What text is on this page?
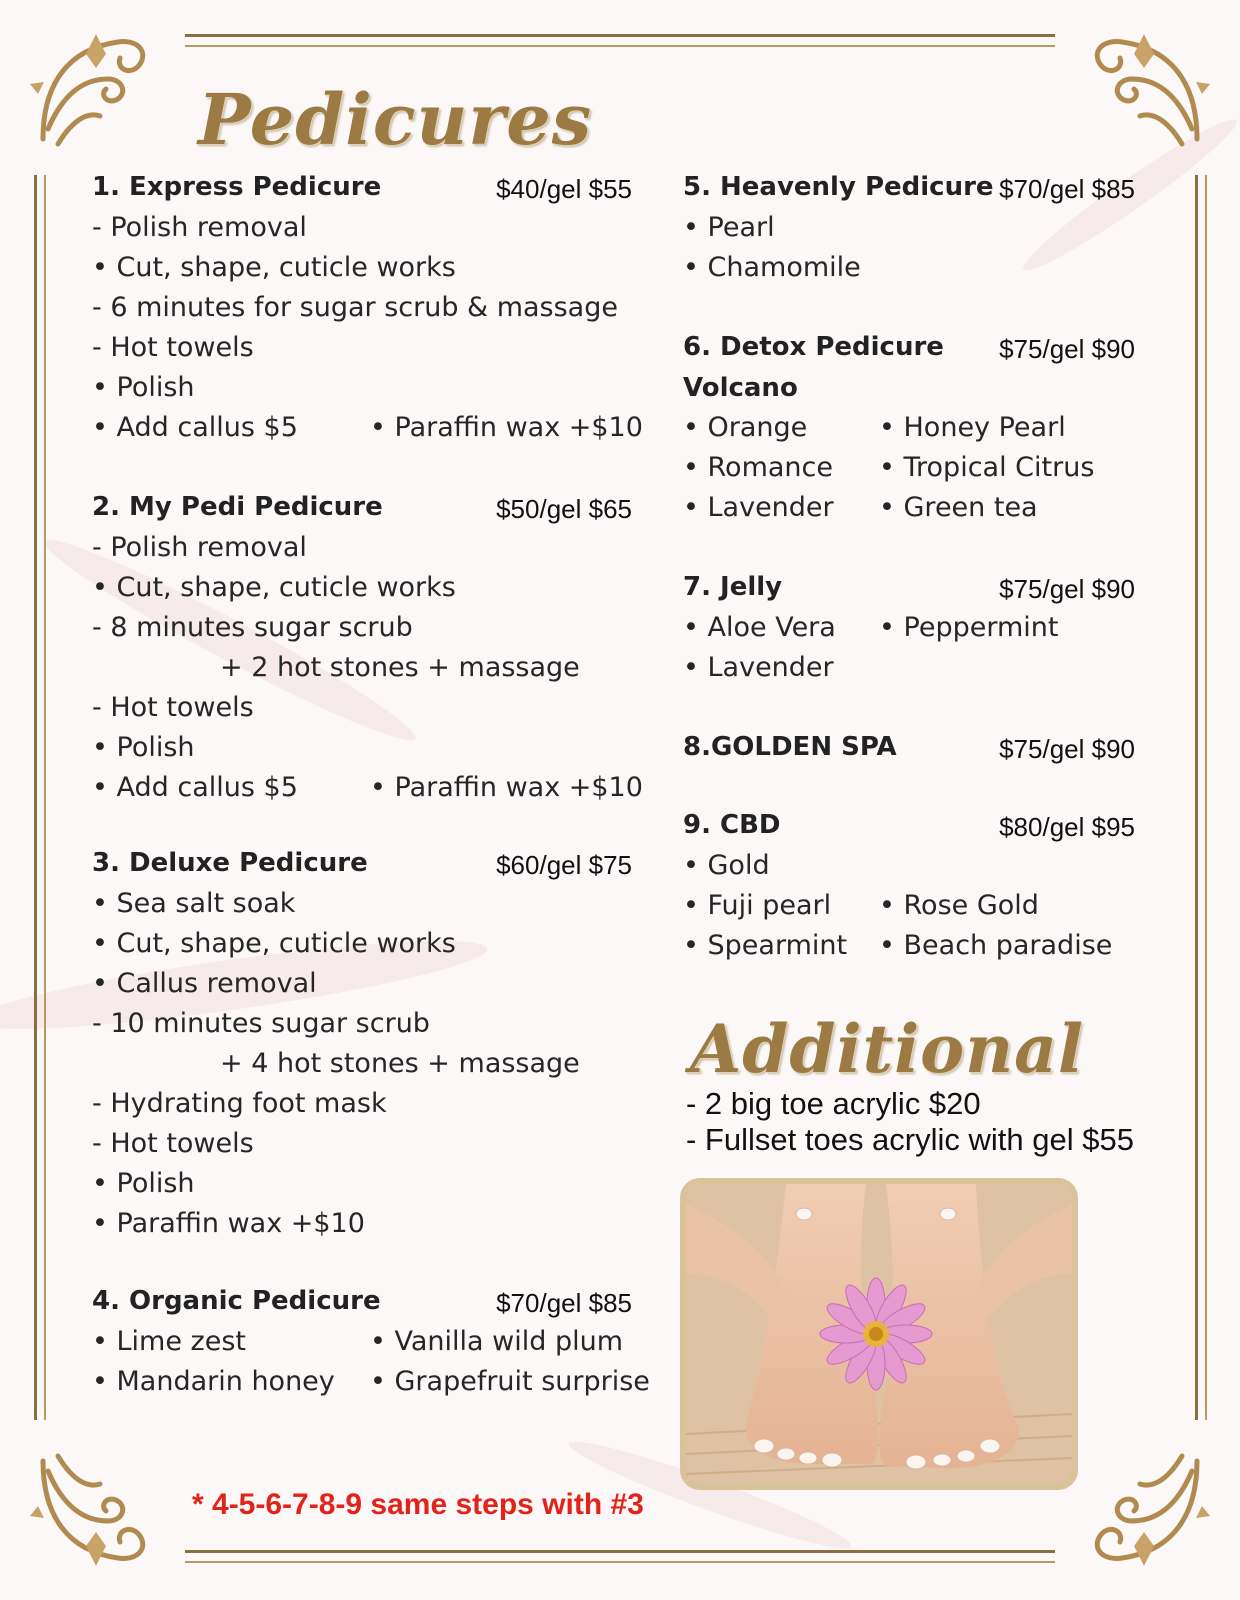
Pedicures
1. Express Pedicure	$40/gel $55
- Polish removal
• Cut, shape, cuticle works
- 6 minutes for sugar scrub & massage
- Hot towels
• Polish
• Add callus $5	• Paraffin wax +$10
2. My Pedi Pedicure	$50/gel $65
- Polish removal
• Cut, shape, cuticle works
- 8 minutes sugar scrub
+ 2 hot stones + massage
- Hot towels
• Polish
• Add callus $5	• Paraffin wax +$10
3. Deluxe Pedicure	$60/gel $75
• Sea salt soak
• Cut, shape, cuticle works
• Callus removal
- 10 minutes sugar scrub
+ 4 hot stones + massage
- Hydrating foot mask
- Hot towels
• Polish
• Paraffin wax +$10
4. Organic Pedicure	$70/gel $85
• Lime zest	• Vanilla wild plum
• Mandarin honey	• Grapefruit surprise
5. Heavenly Pedicure $70/gel $85
• Pearl
• Chamomile
6. Detox Pedicure $75/gel $90
Volcano
• Orange	• Honey Pearl
• Romance	• Tropical Citrus
• Lavender	• Green tea
7. Jelly	$75/gel $90
• Aloe Vera	• Peppermint
• Lavender
8.GOLDEN SPA	$75/gel $90
9. CBD	$80/gel $95
• Gold
• Fuji pearl	• Rose Gold
• Spearmint	• Beach paradise
Additional
- 2 big toe acrylic $20
- Fullset toes acrylic with gel $55
* 4-5-6-7-8-9 same steps with #3
